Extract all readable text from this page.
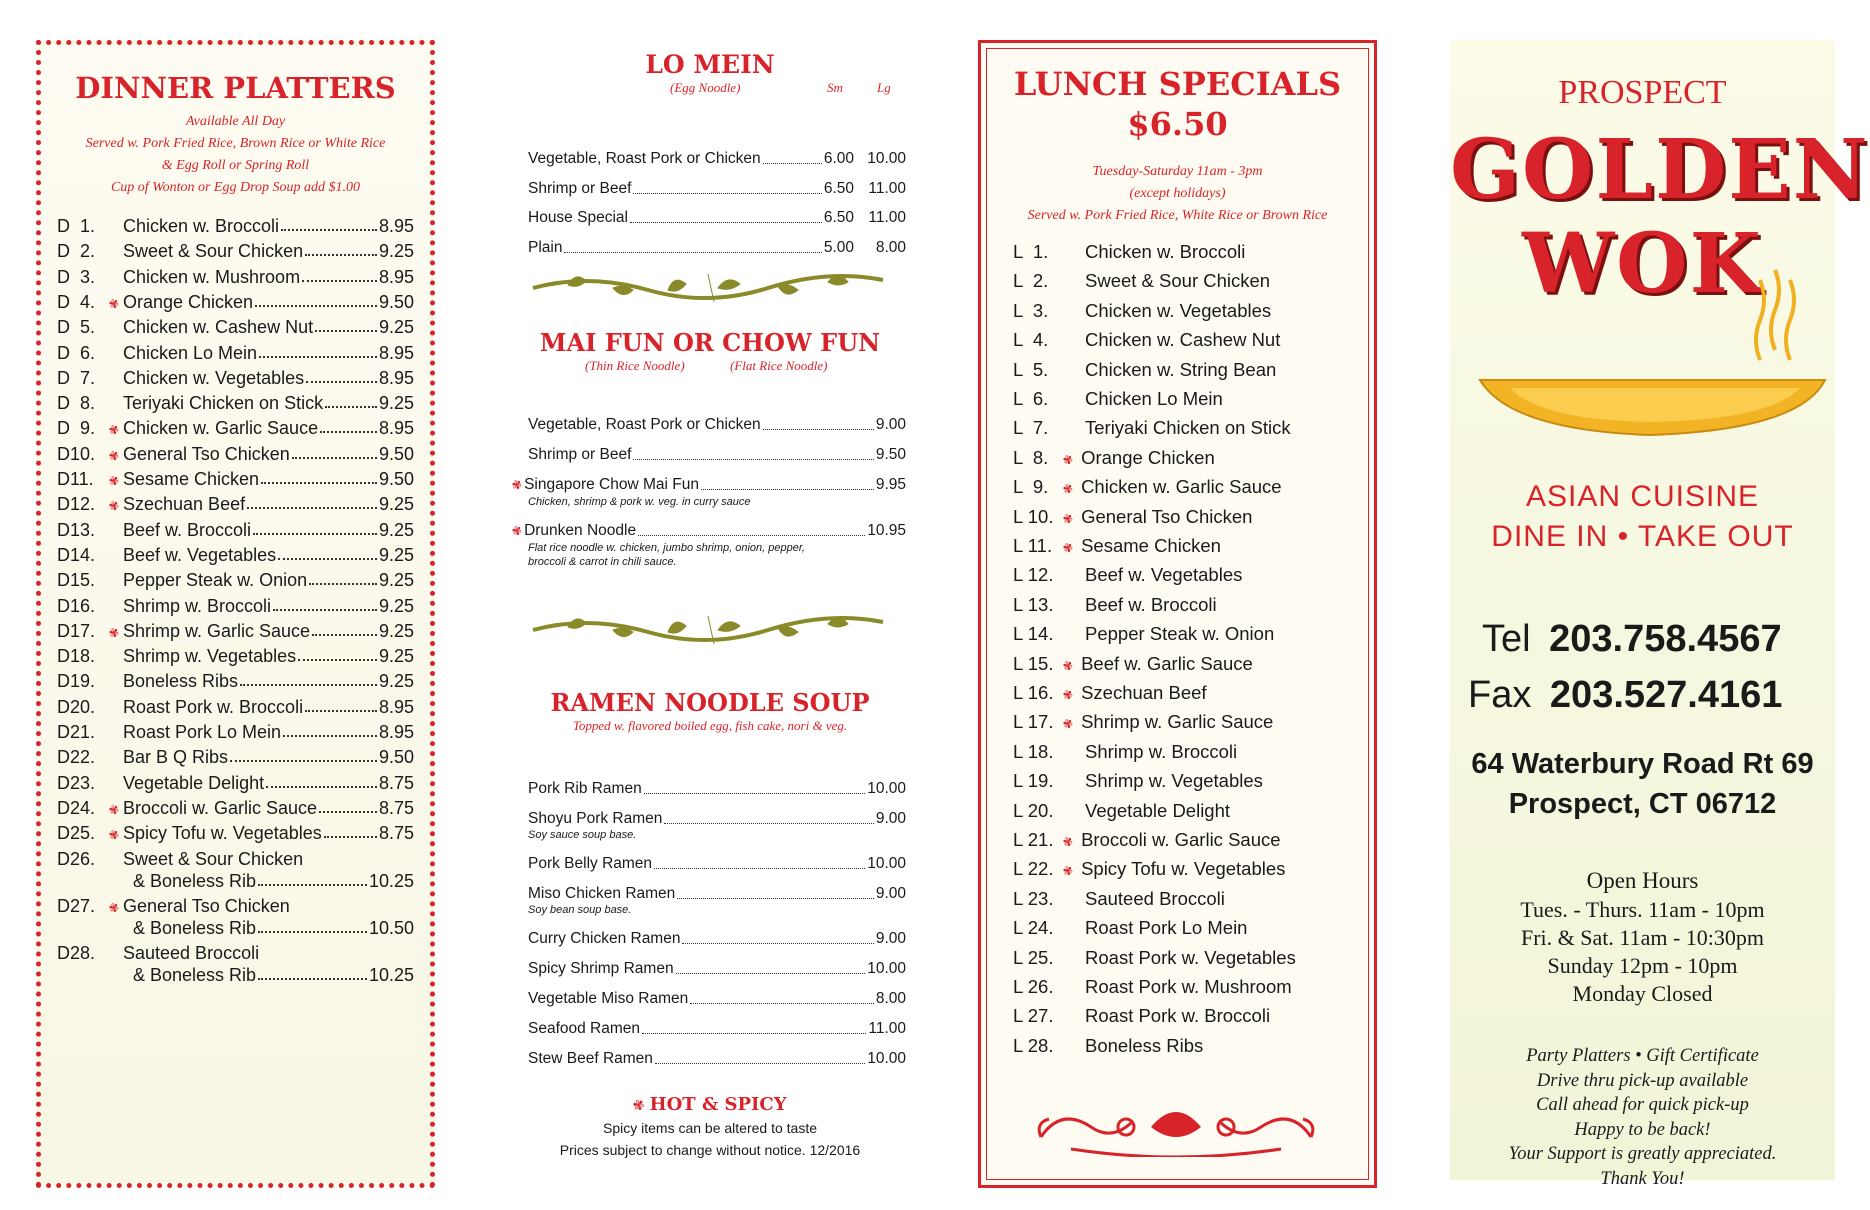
DINNER PLATTERS
Available All Day
Served w. Pork Fried Rice, Brown Rice or White Rice
& Egg Roll or Spring Roll
Cup of Wonton or Egg Drop Soup add $1.00
D  1.	Chicken w. Broccoli	8.95
D  2.	Sweet & Sour Chicken	9.25
D  3.	Chicken w. Mushroom	8.95
D  4. ✾ Orange Chicken	9.50
D  5.	Chicken w. Cashew Nut	9.25
D  6.	Chicken Lo Mein	8.95
D  7.	Chicken w. Vegetables	8.95
D  8.	Teriyaki Chicken on Stick	9.25
D  9. ✾ Chicken w. Garlic Sauce	8.95
D10. ✾ General Tso Chicken	9.50
D11.	✾ Sesame Chicken	9.50
D12. ✾ Szechuan Beef	9.25
D13.	Beef w. Broccoli	9.25
D14.	Beef w. Vegetables	9.25
D15.	Pepper Steak w. Onion	9.25
D16.	Shrimp w. Broccoli	9.25
D17. ✾ Shrimp w. Garlic Sauce	9.25
D18.	Shrimp w. Vegetables	9.25
D19.	Boneless Ribs	9.25
D20.	Roast Pork w. Broccoli	8.95
D21.	Roast Pork Lo Mein	8.95
D22.	Bar B Q Ribs	9.50
D23.	Vegetable Delight	8.75
D24. ✾ Broccoli w. Garlic Sauce	8.75
D25. ✾ Spicy Tofu w. Vegetables	8.75
D26.	Sweet & Sour Chicken
& Boneless Rib	10.25
D27. ✾ General Tso Chicken
& Boneless Rib	10.50
D28.	Sauteed Broccoli
& Boneless Rib	10.25
LO MEIN
(Egg Noodle)	Sm	Lg
Vegetable, Roast Pork or Chicken	6.00 10.00
Shrimp or Beef	6.50 11.00
House Special	6.50 11.00
Plain	5.00	8.00
MAI FUN OR CHOW FUN
(Thin Rice Noodle)	(Flat Rice Noodle)
Vegetable, Roast Pork or Chicken	9.00
Shrimp or Beef	9.50
✾ Singapore Chow Mai Fun	9.95
Chicken, shrimp & pork w. veg. in curry sauce
✾ Drunken Noodle	10.95
Flat rice noodle w. chicken, jumbo shrimp, onion, pepper,
broccoli & carrot in chili sauce.
RAMEN NOODLE SOUP
Topped w. flavored boiled egg, fish cake, nori & veg.
Pork Rib Ramen	10.00
Shoyu Pork Ramen	9.00
Soy sauce soup base.
Pork Belly Ramen	10.00
Miso Chicken Ramen	9.00
Soy bean soup base.
Curry Chicken Ramen	9.00
Spicy Shrimp Ramen	10.00
Vegetable Miso Ramen	8.00
Seafood Ramen	11.00
Stew Beef Ramen	10.00
✾ HOT & SPICY
Spicy items can be altered to taste
Prices subject to change without notice. 12/2016
LUNCH SPECIALS
$6.50
Tuesday-Saturday 11am - 3pm
(except holidays)
Served w. Pork Fried Rice, White Rice or Brown Rice
L  1. Chicken w. Broccoli
L  2. Sweet & Sour Chicken
L  3. Chicken w. Vegetables
L  4. Chicken w. Cashew Nut
L  5. Chicken w. String Bean
L  6. Chicken Lo Mein
L  7. Teriyaki Chicken on Stick
L  8. ✾ Orange Chicken
L  9. ✾ Chicken w. Garlic Sauce
L 10. ✾ General Tso Chicken
L 11. ✾ Sesame Chicken
L 12. Beef w. Vegetables
L 13. Beef w. Broccoli
L 14. Pepper Steak w. Onion
L 15. ✾ Beef w. Garlic Sauce
L 16. ✾ Szechuan Beef
L 17. ✾ Shrimp w. Garlic Sauce
L 18. Shrimp w. Broccoli
L 19. Shrimp w. Vegetables
L 20. Vegetable Delight
L 21. ✾ Broccoli w. Garlic Sauce
L 22. ✾ Spicy Tofu w. Vegetables
L 23. Sauteed Broccoli
L 24. Roast Pork Lo Mein
L 25. Roast Pork w. Vegetables
L 26. Roast Pork w. Mushroom
L 27. Roast Pork w. Broccoli
L 28. Boneless Ribs
PROSPECT
GOLDEN
WOK
ASIAN CUISINE
DINE IN • TAKE OUT
Tel 203.758.4567
Fax 203.527.4161
64 Waterbury Road Rt 69
Prospect, CT 06712
Open Hours
Tues. - Thurs. 11am - 10pm
Fri. & Sat. 11am - 10:30pm
Sunday 12pm - 10pm
Monday Closed
Party Platters • Gift Certificate
Drive thru pick-up available
Call ahead for quick pick-up
Happy to be back!
Your Support is greatly appreciated.
Thank You!
